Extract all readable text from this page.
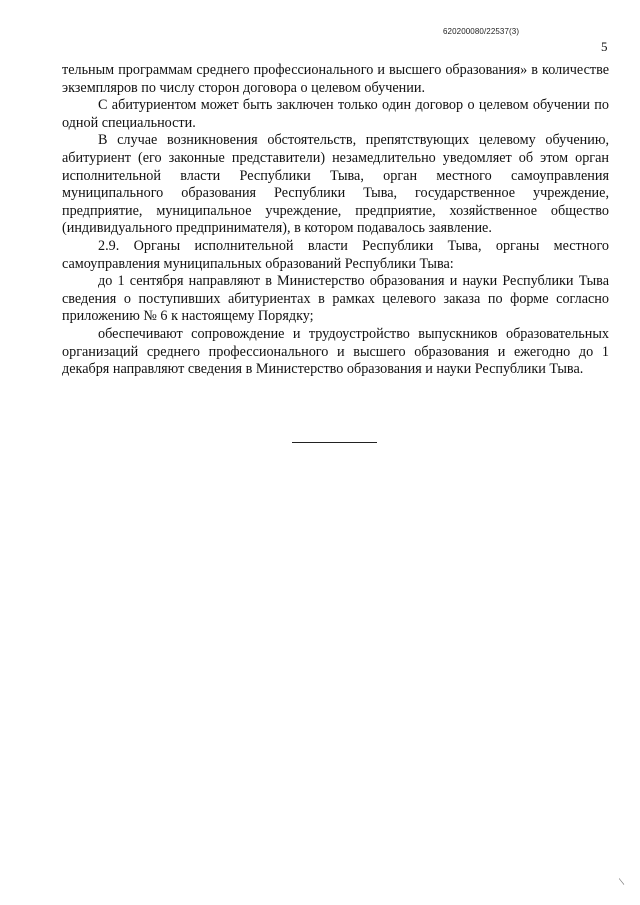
620200080/22537(3)
5

тельным программам среднего профессионального и высшего образования» в количестве экземпляров по числу сторон договора о целевом обучении.

С абитуриентом может быть заключен только один договор о целевом обучении по одной специальности.

В случае возникновения обстоятельств, препятствующих целевому обучению, абитуриент (его законные представители) незамедлительно уведомляет об этом орган исполнительной власти Республики Тыва, орган местного самоуправления муниципального образования Республики Тыва, государственное учреждение, предприятие, муниципальное учреждение, предприятие, хозяйственное общество (индивидуального предпринимателя), в котором подавалось заявление.

2.9. Органы исполнительной власти Республики Тыва, органы местного самоуправления муниципальных образований Республики Тыва:

до 1 сентября направляют в Министерство образования и науки Республики Тыва сведения о поступивших абитуриентах в рамках целевого заказа по форме согласно приложению № 6 к настоящему Порядку;

обеспечивают сопровождение и трудоустройство выпускников образовательных организаций среднего профессионального и высшего образования и ежегодно до 1 декабря направляют сведения в Министерство образования и науки Республики Тыва.

⁄
